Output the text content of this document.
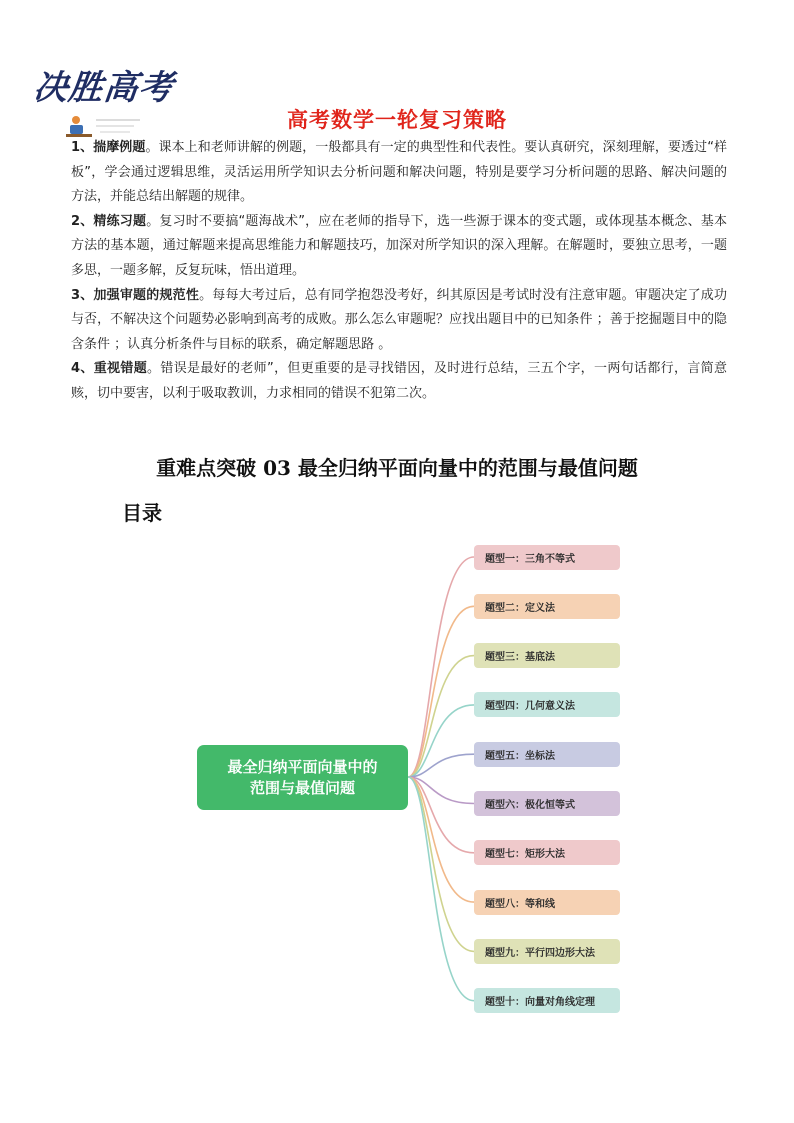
决胜高考
高考数学一轮复习策略

1、揣摩例题。课本上和老师讲解的例题，一般都具有一定的典型性和代表性。要认真研究，深刻理解，要透过“样板”，学会通过逻辑思维，灵活运用所学知识去分析问题和解决问题，特别是要学习分析问题的思路、解决问题的方法，并能总结出解题的规律。

2、精练习题。复习时不要搞“题海战术”，应在老师的指导下，选一些源于课本的变式题，或体现基本概念、基本方法的基本题，通过解题来提高思维能力和解题技巧，加深对所学知识的深入理解。在解题时，要独立思考，一题多思，一题多解，反复玩味，悟出道理。

3、加强审题的规范性。每每大考过后，总有同学抱怨没考好，纠其原因是考试时没有注意审题。审题决定了成功与否，不解决这个问题势必影响到高考的成败。那么怎么审题呢？应找出题目中的已知条件 ；善于挖掘题目中的隐含条件 ；认真分析条件与目标的联系，确定解题思路 。

4、重视错题。错误是最好的老师”，但更重要的是寻找错因，及时进行总结，三五个字，一两句话都行，言简意赅，切中要害，以利于吸取教训，力求相同的错误不犯第二次。

重难点突破 03 最全归纳平面向量中的范围与最值问题
目录
最全归纳平面向量中的
范围与最值问题
题型一：三角不等式
题型二：定义法
题型三：基底法
题型四：几何意义法
题型五：坐标法
题型六：极化恒等式
题型七：矩形大法
题型八：等和线
题型九：平行四边形大法
题型十：向量对角线定理
